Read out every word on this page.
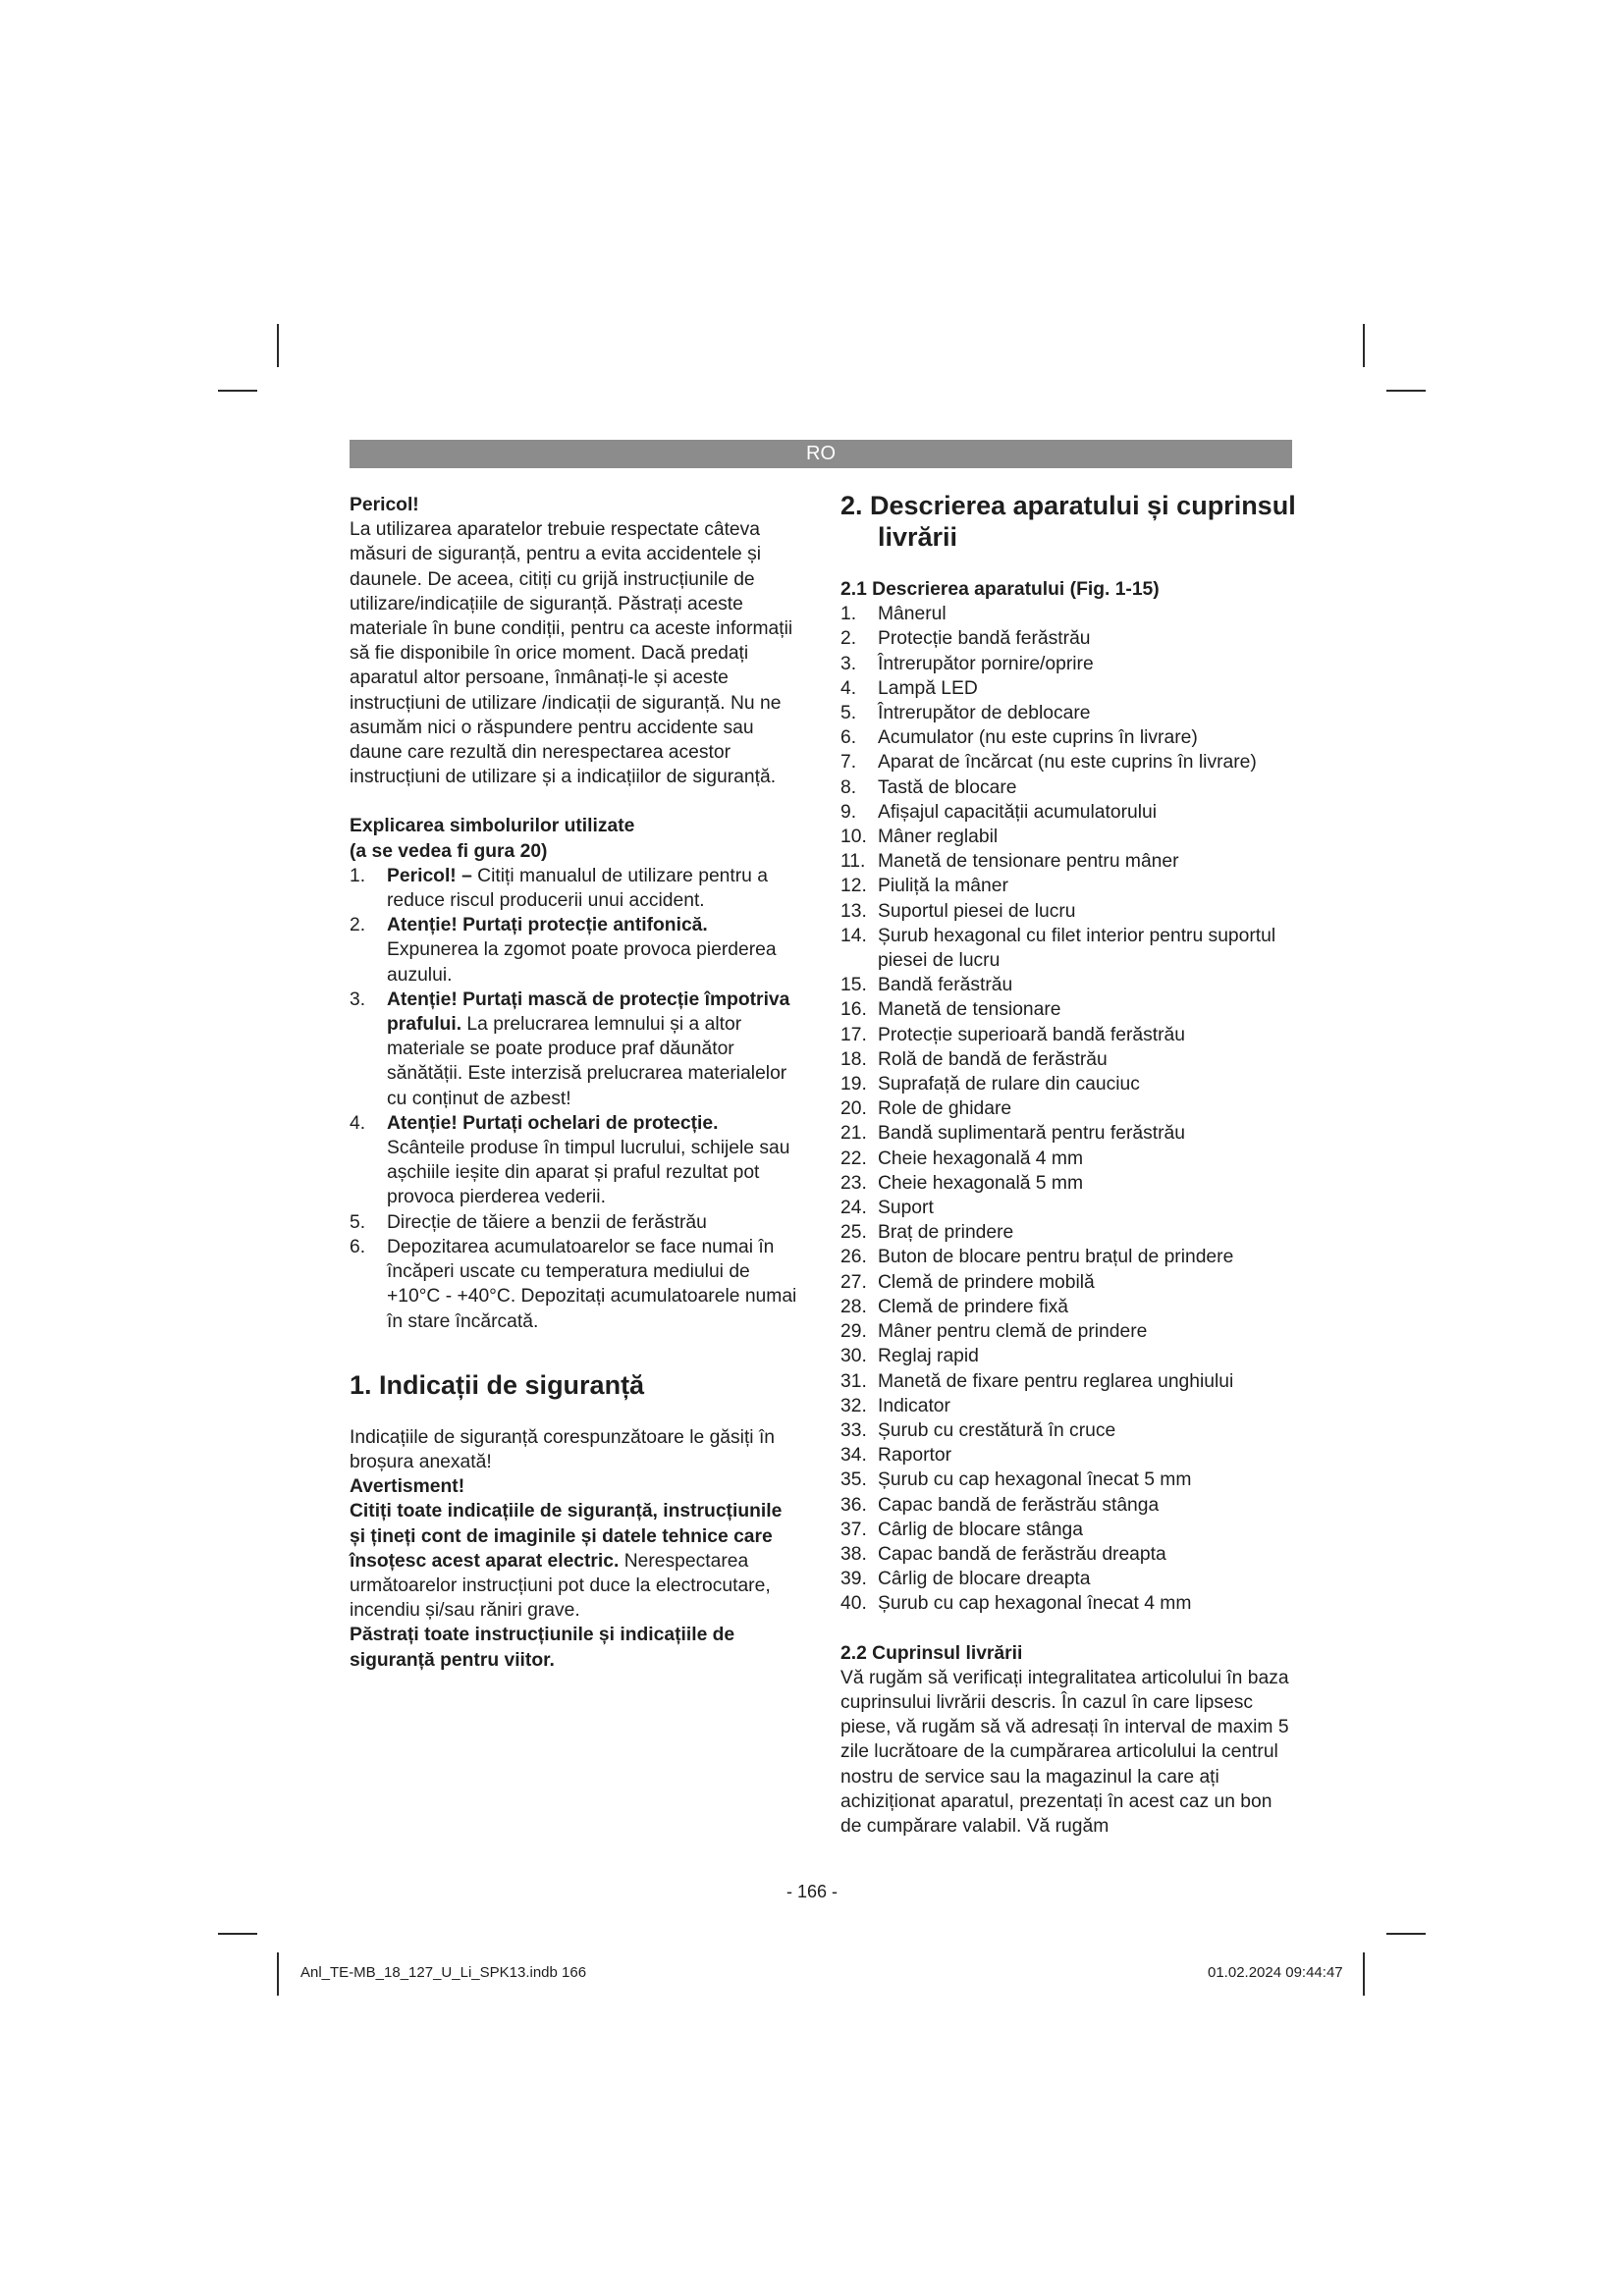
RO

Pericol!

La utilizarea aparatelor trebuie respectate câteva măsuri de siguranță, pentru a evita accidentele și daunele. De aceea, citiți cu grijă instrucțiunile de utilizare/indicațiile de siguranță. Păstrați aceste materiale în bune condiții, pentru ca aceste informații să fie disponibile în orice moment. Dacă predați aparatul altor persoane, înmânați-le și aceste instrucțiuni de utilizare /indicații de siguranță. Nu ne asumăm nici o răspundere pentru accidente sau daune care rezultă din nerespectarea acestor instrucțiuni de utilizare și a indicațiilor de siguranță.

Explicarea simbolurilor utilizate

(a se vedea fi gura 20)

1. Pericol! – Citiți manualul de utilizare pentru a reduce riscul producerii unui accident.
2. Atenție! Purtați protecție antifonică. Expunerea la zgomot poate provoca pierderea auzului.
3. Atenție! Purtați mască de protecție împotriva prafului. La prelucrarea lemnului și a altor materiale se poate produce praf dăunător sănătății. Este interzisă prelucrarea materialelor cu conținut de azbest!
4. Atenție! Purtați ochelari de protecție. Scânteile produse în timpul lucrului, schijele sau așchiile ieșite din aparat și praful rezultat pot provoca pierderea vederii.
5. Direcție de tăiere a benzii de ferăstrău
6. Depozitarea acumulatoarelor se face numai în încăperi uscate cu temperatura mediului de +10°C - +40°C. Depozitați acumulatoarele numai în stare încărcată.

1. Indicații de siguranță

Indicațiile de siguranță corespunzătoare le găsiți în broșura anexată!

Avertisment!

Citiți toate indicațiile de siguranță, instrucțiunile și țineți cont de imaginile și datele tehnice care însoțesc acest aparat electric. Nerespectarea următoarelor instrucțiuni pot duce la electrocutare, incendiu și/sau răniri grave.

Păstrați toate instrucțiunile și indicațiile de siguranță pentru viitor.

2. Descrierea aparatului și cuprinsul livrării

2.1 Descrierea aparatului (Fig. 1-15)

1. Mânerul
2. Protecție bandă ferăstrău
3. Întrerupător pornire/oprire
4. Lampă LED
5. Întrerupător de deblocare
6. Acumulator (nu este cuprins în livrare)
7. Aparat de încărcat (nu este cuprins în livrare)
8. Tastă de blocare
9. Afișajul capacității acumulatorului
10. Mâner reglabil
11. Manetă de tensionare pentru mâner
12. Piuliță la mâner
13. Suportul piesei de lucru
14. Șurub hexagonal cu filet interior pentru suportul piesei de lucru
15. Bandă ferăstrău
16. Manetă de tensionare
17. Protecție superioară bandă ferăstrău
18. Rolă de bandă de ferăstrău
19. Suprafață de rulare din cauciuc
20. Role de ghidare
21. Bandă suplimentară pentru ferăstrău
22. Cheie hexagonală 4 mm
23. Cheie hexagonală 5 mm
24. Suport
25. Braț de prindere
26. Buton de blocare pentru brațul de prindere
27. Clemă de prindere mobilă
28. Clemă de prindere fixă
29. Mâner pentru clemă de prindere
30. Reglaj rapid
31. Manetă de fixare pentru reglarea unghiului
32. Indicator
33. Șurub cu crestătură în cruce
34. Raportor
35. Șurub cu cap hexagonal înecat 5 mm
36. Capac bandă de ferăstrău stânga
37. Cârlig de blocare stânga
38. Capac bandă de ferăstrău dreapta
39. Cârlig de blocare dreapta
40. Șurub cu cap hexagonal înecat 4 mm

2.2 Cuprinsul livrării

Vă rugăm să verificați integralitatea articolului în baza cuprinsului livrării descris. În cazul în care lipsesc piese, vă rugăm să vă adresați în interval de maxim 5 zile lucrătoare de la cumpărarea articolului la centrul nostru de service sau la magazinul la care ați achiziționat aparatul, prezentați în acest caz un bon de cumpărare valabil. Vă rugăm

- 166 -
Anl_TE-MB_18_127_U_Li_SPK13.indb 166	01.02.2024 09:44:47
